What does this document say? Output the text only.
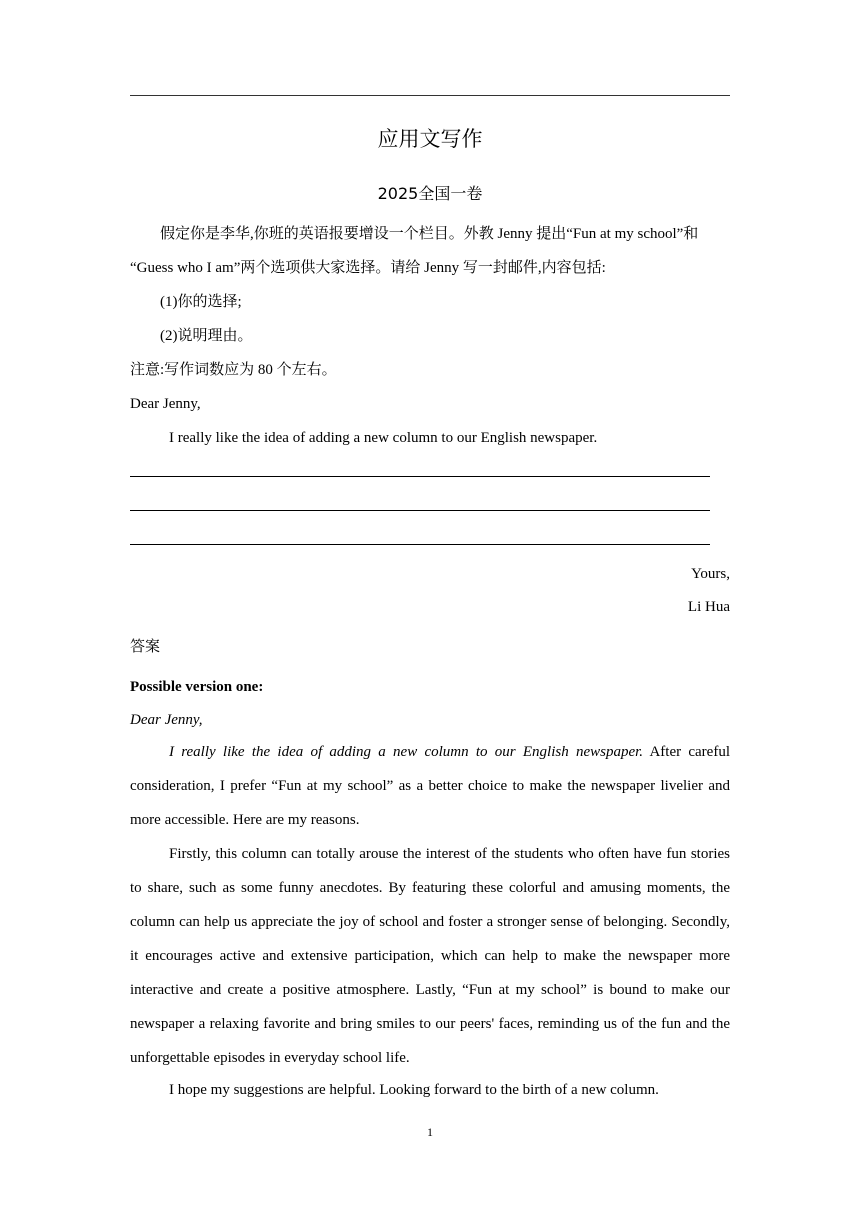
应用文写作
2025全国一卷
假定你是李华,你班的英语报要增设一个栏目。外教 Jenny 提出“Fun at my school”和
“Guess who I am”两个选项供大家选择。请给 Jenny 写一封邮件,内容包括:
(1)你的选择;
(2)说明理由。
注意:写作词数应为 80 个左右。
Dear Jenny,
I really like the idea of adding a new column to our English newspaper.
Yours,
Li Hua
答案
Possible version one:
Dear Jenny,

I really like the idea of adding a new column to our English newspaper. After careful consideration, I prefer “Fun at my school” as a better choice to make the newspaper livelier and more accessible. Here are my reasons.

Firstly, this column can totally arouse the interest of the students who often have fun stories to share, such as some funny anecdotes. By featuring these colorful and amusing moments, the column can help us appreciate the joy of school and foster a stronger sense of belonging. Secondly, it encourages active and extensive participation, which can help to make the newspaper more interactive and create a positive atmosphere. Lastly, “Fun at my school” is bound to make our newspaper a relaxing favorite and bring smiles to our peers' faces, reminding us of the fun and the unforgettable episodes in everyday school life.

I hope my suggestions are helpful. Looking forward to the birth of a new column.

1
